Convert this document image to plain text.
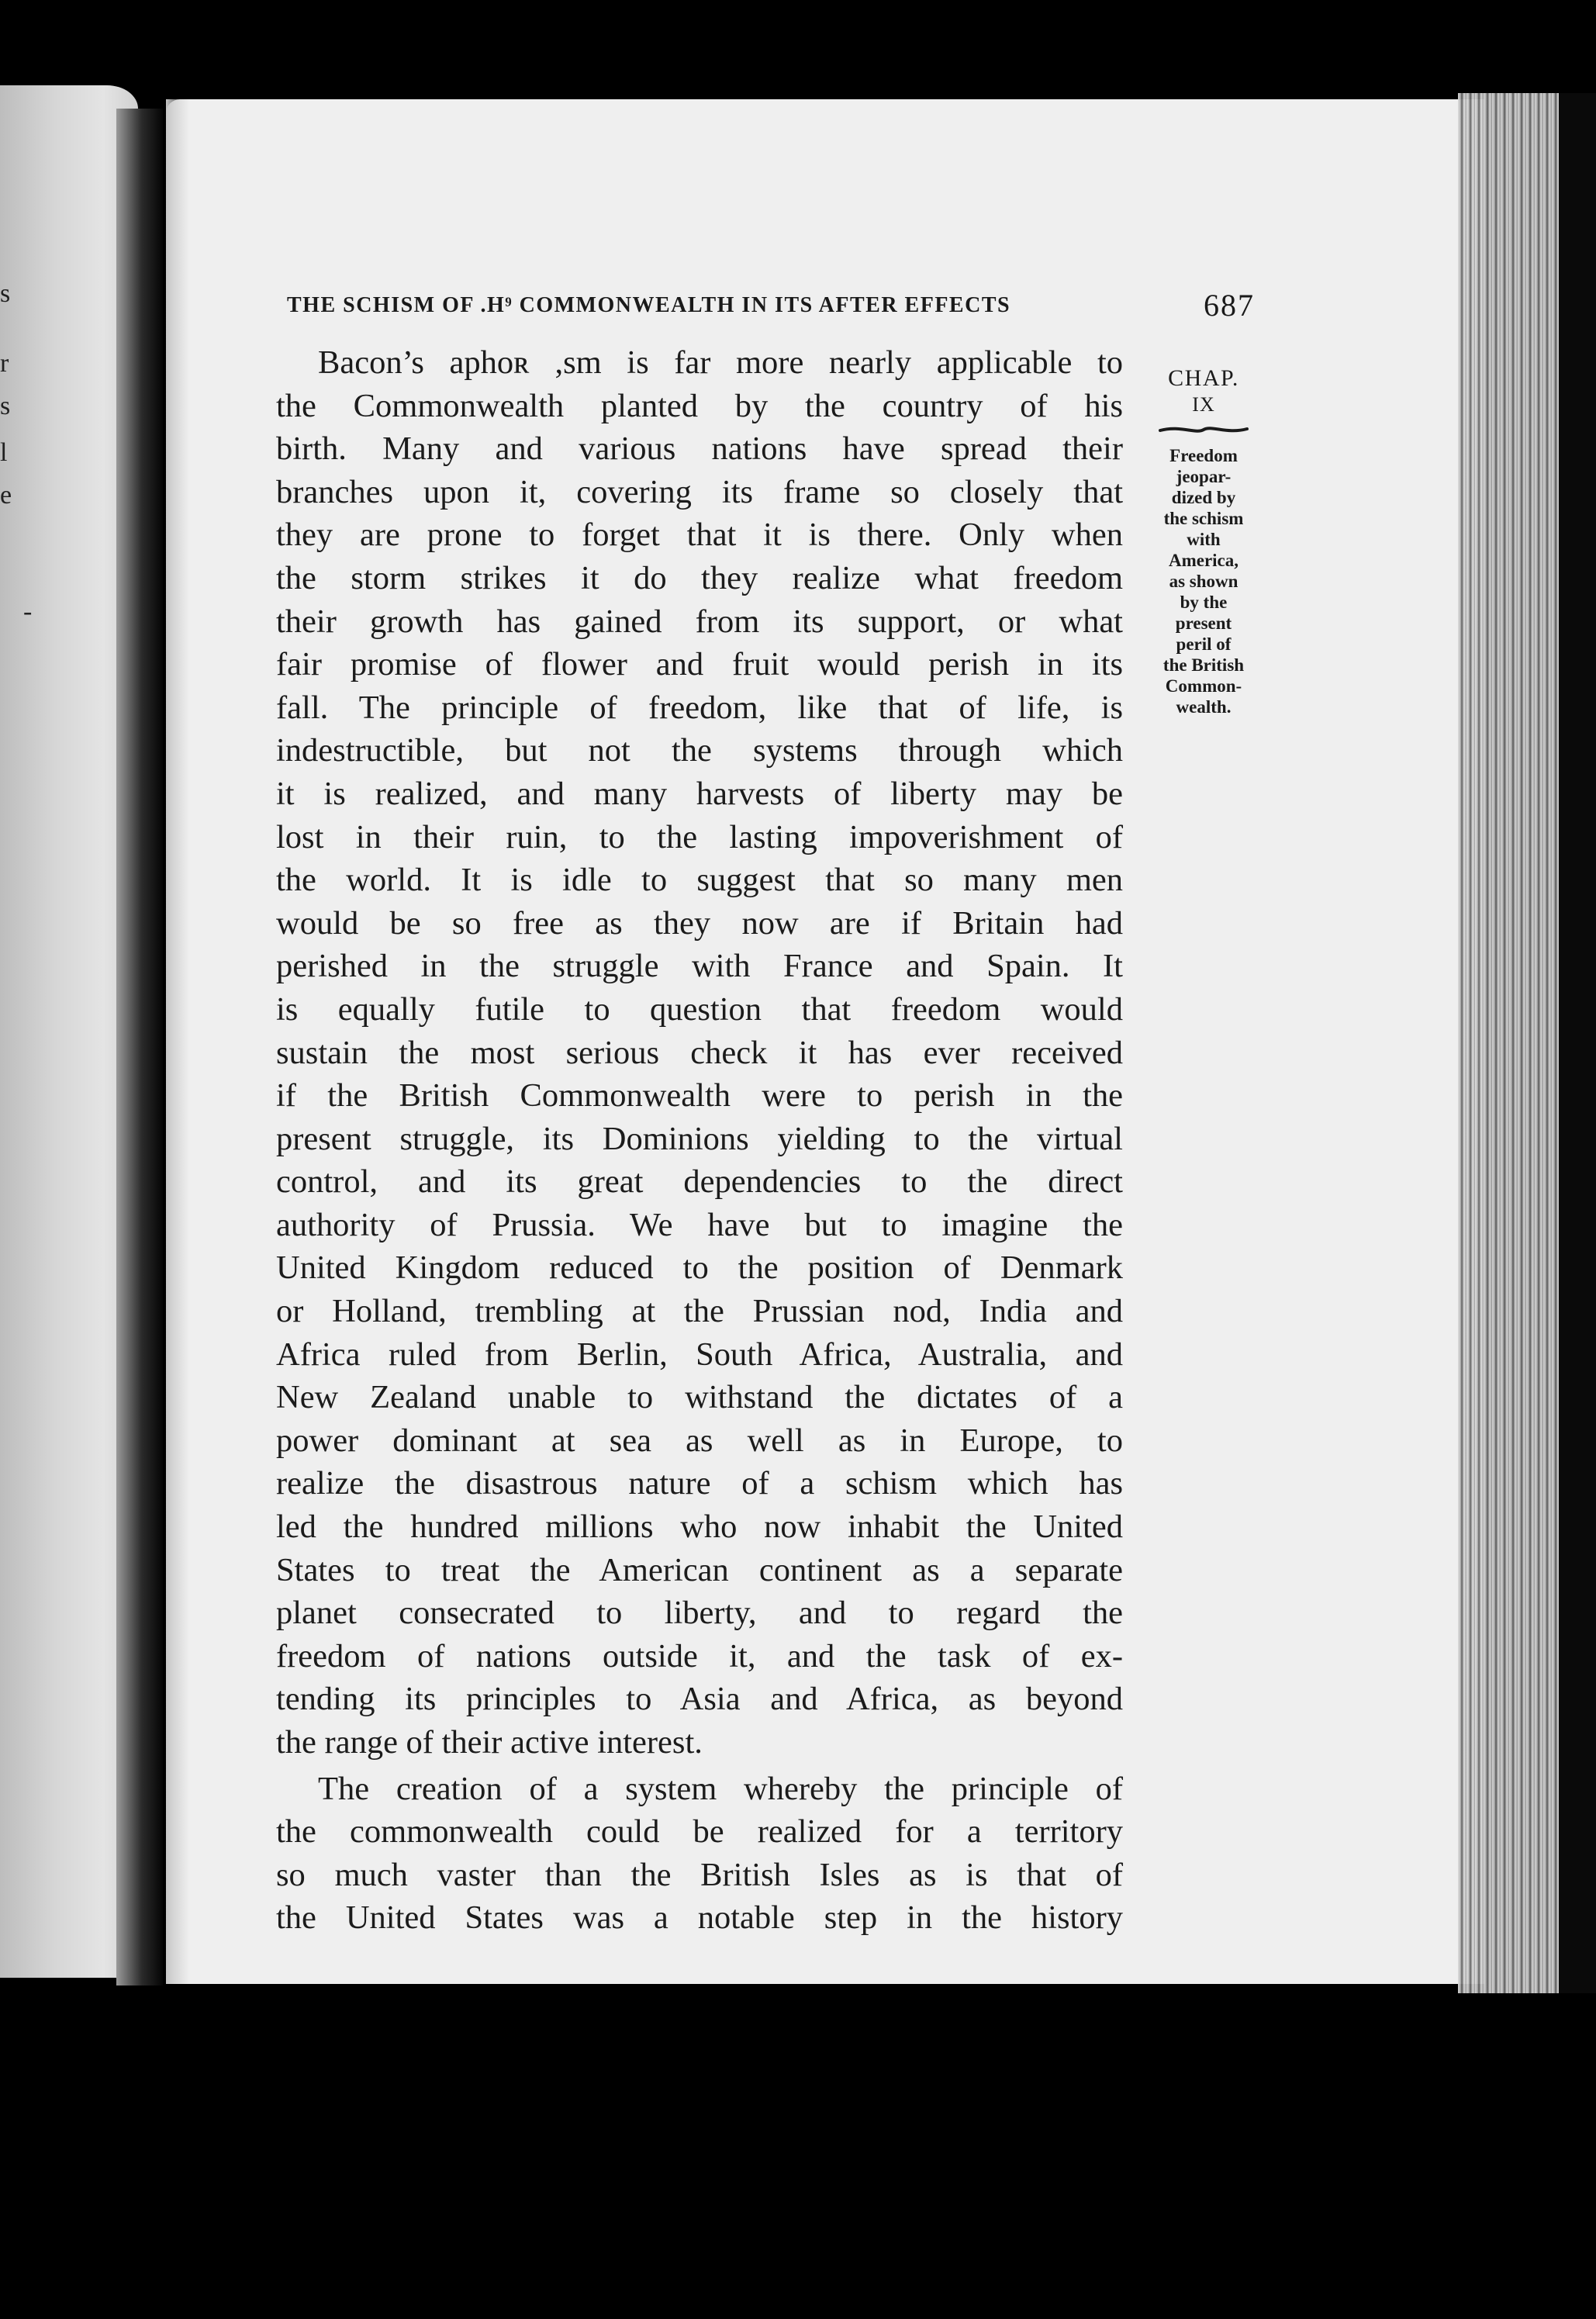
s
r
s
l
e
-
THE SCHISM OF .H⁹ COMMONWEALTH IN ITS AFTER EFFECTS	687
Bacon’s aphoʀ ,sm is far more nearly applicable to
the Commonwealth planted by the country of his
birth. Many and various nations have spread their
branches upon it, covering its frame so closely that
they are prone to forget that it is there. Only when
the storm strikes it do they realize what freedom
their growth has gained from its support, or what
fair promise of flower and fruit would perish in its
fall. The principle of freedom, like that of life, is
indestructible, but not the systems through which
it is realized, and many harvests of liberty may be
lost in their ruin, to the lasting impoverishment of
the world. It is idle to suggest that so many men
would be so free as they now are if Britain had
perished in the struggle with France and Spain. It
is equally futile to question that freedom would
sustain the most serious check it has ever received
if the British Commonwealth were to perish in the
present struggle, its Dominions yielding to the virtual
control, and its great dependencies to the direct
authority of Prussia. We have but to imagine the
United Kingdom reduced to the position of Denmark
or Holland, trembling at the Prussian nod, India and
Africa ruled from Berlin, South Africa, Australia, and
New Zealand unable to withstand the dictates of a
power dominant at sea as well as in Europe, to
realize the disastrous nature of a schism which has
led the hundred millions who now inhabit the United
States to treat the American continent as a separate
planet consecrated to liberty, and to regard the
freedom of nations outside it, and the task of ex-
tending its principles to Asia and Africa, as beyond
the range of their active interest.
The creation of a system whereby the principle of
the commonwealth could be realized for a territory
so much vaster than the British Isles as is that of
the United States was a notable step in the history
CHAP.
IX
Freedom
jeopar-
dized by
the schism
with
America,
as shown
by the
present
peril of
the British
Common-
wealth.
